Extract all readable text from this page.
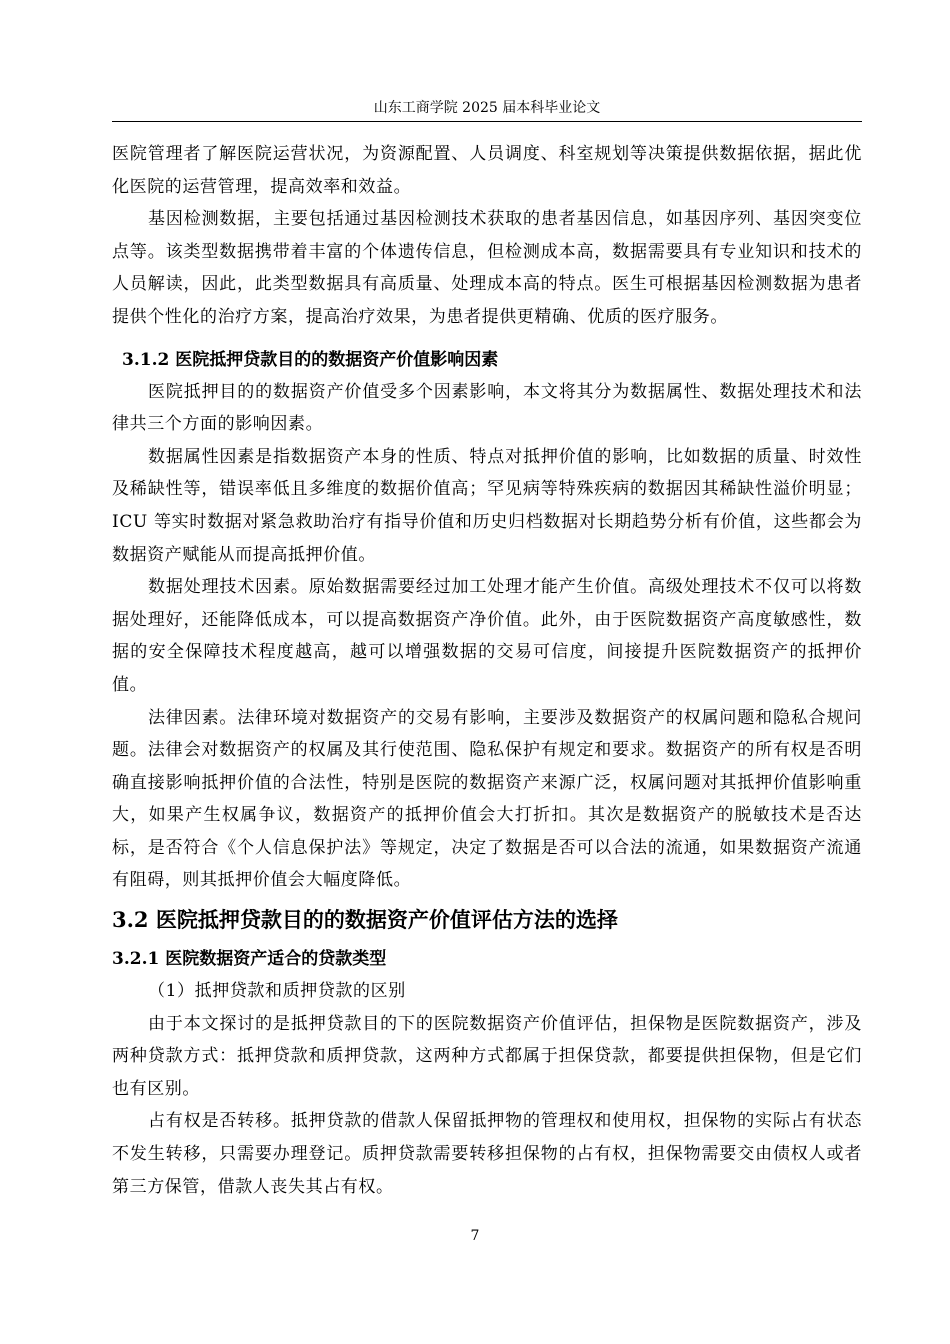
山东工商学院 2025 届本科毕业论文

医院管理者了解医院运营状况，为资源配置、人员调度、科室规划等决策提供数据依据，据此优化医院的运营管理，提高效率和效益。

基因检测数据，主要包括通过基因检测技术获取的患者基因信息，如基因序列、基因突变位点等。该类型数据携带着丰富的个体遗传信息，但检测成本高，数据需要具有专业知识和技术的人员解读，因此，此类型数据具有高质量、处理成本高的特点。医生可根据基因检测数据为患者提供个性化的治疗方案，提高治疗效果，为患者提供更精确、优质的医疗服务。

3.1.2 医院抵押贷款目的的数据资产价值影响因素

医院抵押目的的数据资产价值受多个因素影响，本文将其分为数据属性、数据处理技术和法律共三个方面的影响因素。

数据属性因素是指数据资产本身的性质、特点对抵押价值的影响，比如数据的质量、时效性及稀缺性等，错误率低且多维度的数据价值高；罕见病等特殊疾病的数据因其稀缺性溢价明显；ICU 等实时数据对紧急救助治疗有指导价值和历史归档数据对长期趋势分析有价值，这些都会为数据资产赋能从而提高抵押价值。

数据处理技术因素。原始数据需要经过加工处理才能产生价值。高级处理技术不仅可以将数据处理好，还能降低成本，可以提高数据资产净价值。此外，由于医院数据资产高度敏感性，数据的安全保障技术程度越高，越可以增强数据的交易可信度，间接提升医院数据资产的抵押价值。

法律因素。法律环境对数据资产的交易有影响，主要涉及数据资产的权属问题和隐私合规问题。法律会对数据资产的权属及其行使范围、隐私保护有规定和要求。数据资产的所有权是否明确直接影响抵押价值的合法性，特别是医院的数据资产来源广泛，权属问题对其抵押价值影响重大，如果产生权属争议，数据资产的抵押价值会大打折扣。其次是数据资产的脱敏技术是否达标，是否符合《个人信息保护法》等规定，决定了数据是否可以合法的流通，如果数据资产流通有阻碍，则其抵押价值会大幅度降低。

3.2 医院抵押贷款目的的数据资产价值评估方法的选择
3.2.1 医院数据资产适合的贷款类型

（1）抵押贷款和质押贷款的区别

由于本文探讨的是抵押贷款目的下的医院数据资产价值评估，担保物是医院数据资产，涉及两种贷款方式：抵押贷款和质押贷款，这两种方式都属于担保贷款，都要提供担保物，但是它们也有区别。

占有权是否转移。抵押贷款的借款人保留抵押物的管理权和使用权，担保物的实际占有状态不发生转移，只需要办理登记。质押贷款需要转移担保物的占有权，担保物需要交由债权人或者第三方保管，借款人丧失其占有权。

7
